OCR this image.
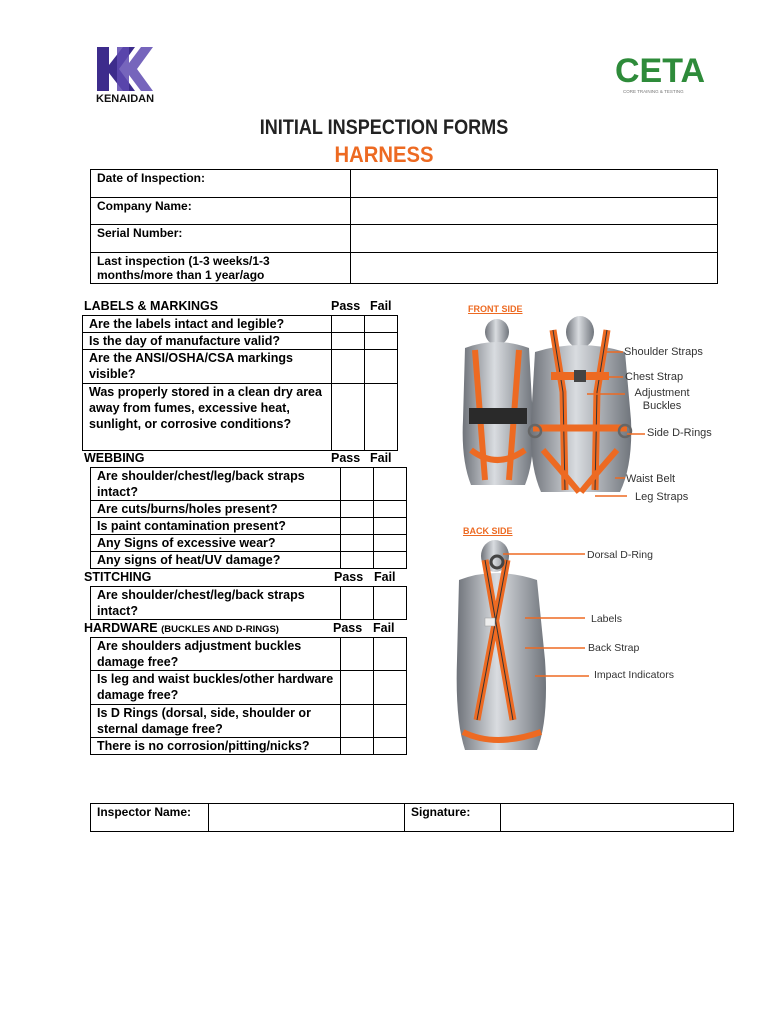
KENAIDAN
CETA
CORE TRAINING & TESTING
INITIAL INSPECTION FORMS
HARNESS
Date of Inspection:	
Company Name:	
Serial Number:	
Last inspection (1-3 weeks/1-3 months/more than 1 year/ago	
LABELS & MARKINGS	Pass Fail
Are the labels intact and legible?		
Is the day of manufacture valid?		
Are the ANSI/OSHA/CSA markings visible?		
Was properly stored in a clean dry area away from fumes, excessive heat, sunlight, or corrosive conditions?		
WEBBING	Pass Fail
Are shoulder/chest/leg/back straps intact?		
Are cuts/burns/holes present?		
Is paint contamination present?		
Any Signs of excessive wear?		
Any signs of heat/UV damage?		
STITCHING	Pass Fail
Are shoulder/chest/leg/back straps intact?		
HARDWARE (BUCKLES AND D-RINGS)	Pass Fail
Are shoulders adjustment buckles damage free?		
Is leg and waist buckles/other hardware damage free?		
Is D Rings (dorsal, side, shoulder or sternal damage free?		
There is no corrosion/pitting/nicks?		
FRONT SIDE
BACK SIDE
Shoulder Straps
Chest Strap
Adjustment Buckles
Side D-Rings
Waist Belt
Leg Straps
Dorsal D-Ring
Labels
Back Strap
Impact Indicators
Inspector Name:		Signature:	
